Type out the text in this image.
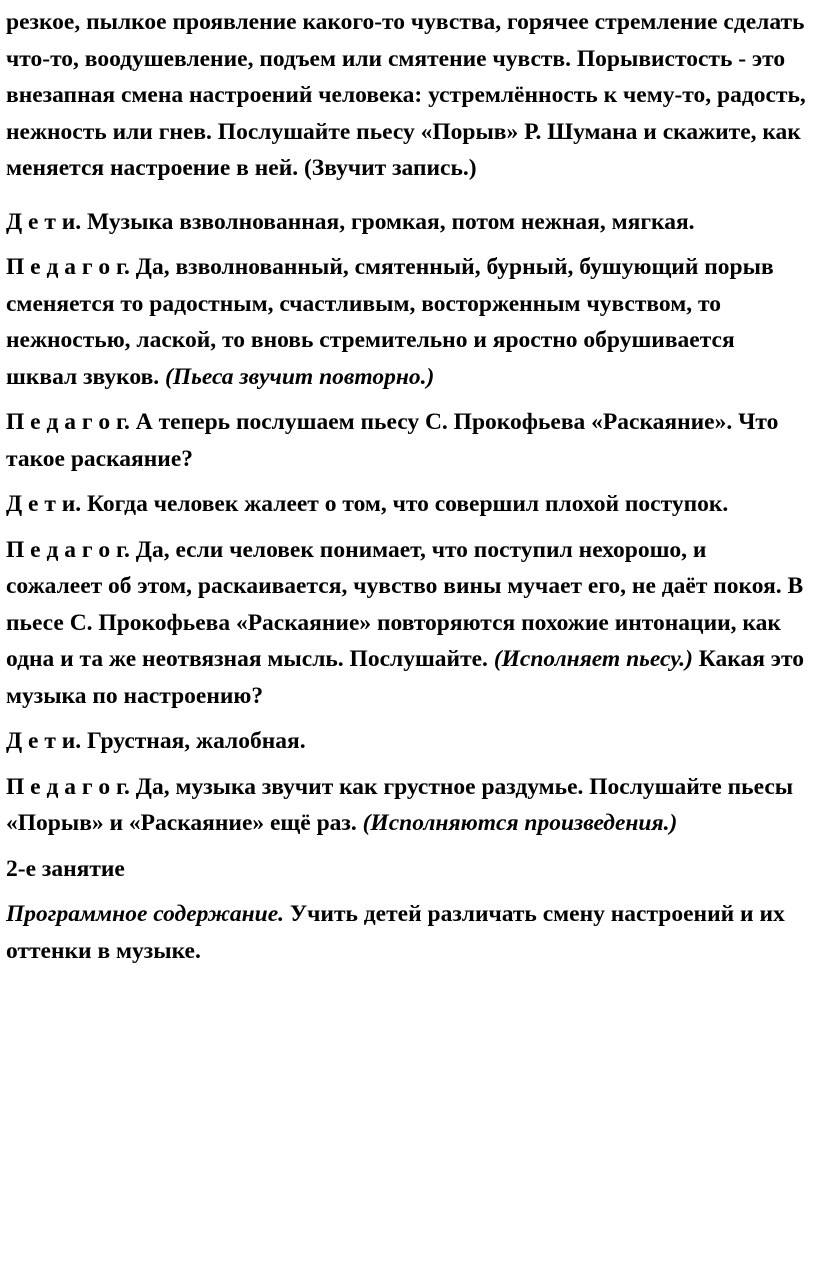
резкое, пылкое проявление какого-то чувства, горячее стремление сделать что-то, воодушевление, подъем или смятение чувств. Порывистость - это внезапная смена настроений человека: устремлённость к чему-то, радость, нежность или гнев. Послушайте пьесу «Порыв» Р. Шумана и скажите, как меняется настроение в ней. (Звучит запись.)

Д е т и. Музыка взволнованная, громкая, потом нежная, мягкая.

П е д а г о г. Да, взволнованный, смятенный, бурный, бушующий порыв сменяется то радостным, счастливым, восторженным чувством, то нежностью, лаской, то вновь стремительно и яростно обрушивается шквал звуков. (Пьеса звучит повторно.)

П е д а г о г. А теперь послушаем пьесу С. Прокофьева «Раскаяние». Что такое раскаяние?

Д е т и. Когда человек жалеет о том, что совершил плохой поступок.

П е д а г о г. Да, если человек понимает, что поступил нехорошо, и сожалеет об этом, раскаивается, чувство вины мучает его, не даёт покоя. В пьесе С. Прокофьева «Раскаяние» повторяются похожие интонации, как одна и та же неотвязная мысль. Послушайте. (Исполняет пьесу.) Какая это музыка по настроению?

Д е т и. Грустная, жалобная.

П е д а г о г. Да, музыка звучит как грустное раздумье. Послушайте пьесы «Порыв» и «Раскаяние» ещё раз. (Исполняются произведения.)

2-е занятие

Программное содержание. Учить детей различать смену настроений и их оттенки в музыке.
